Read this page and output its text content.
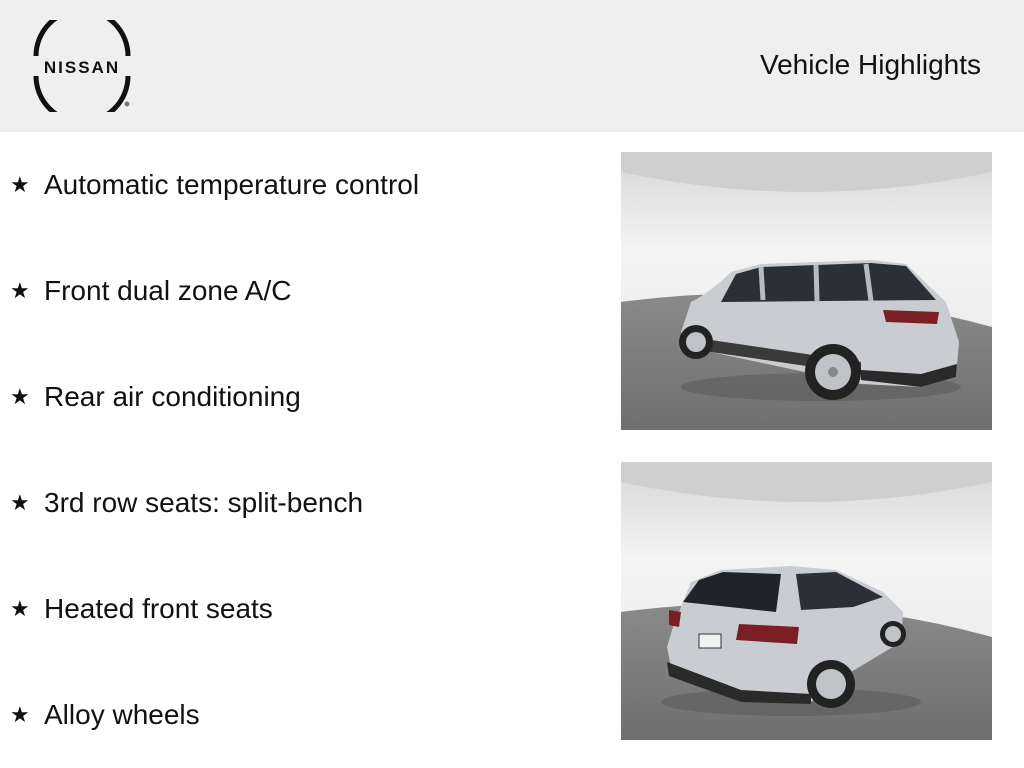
NISSAN	Vehicle Highlights
★ Automatic temperature control
★ Front dual zone A/C
★ Rear air conditioning
★ 3rd row seats: split-bench
★ Heated front seats
★ Alloy wheels
